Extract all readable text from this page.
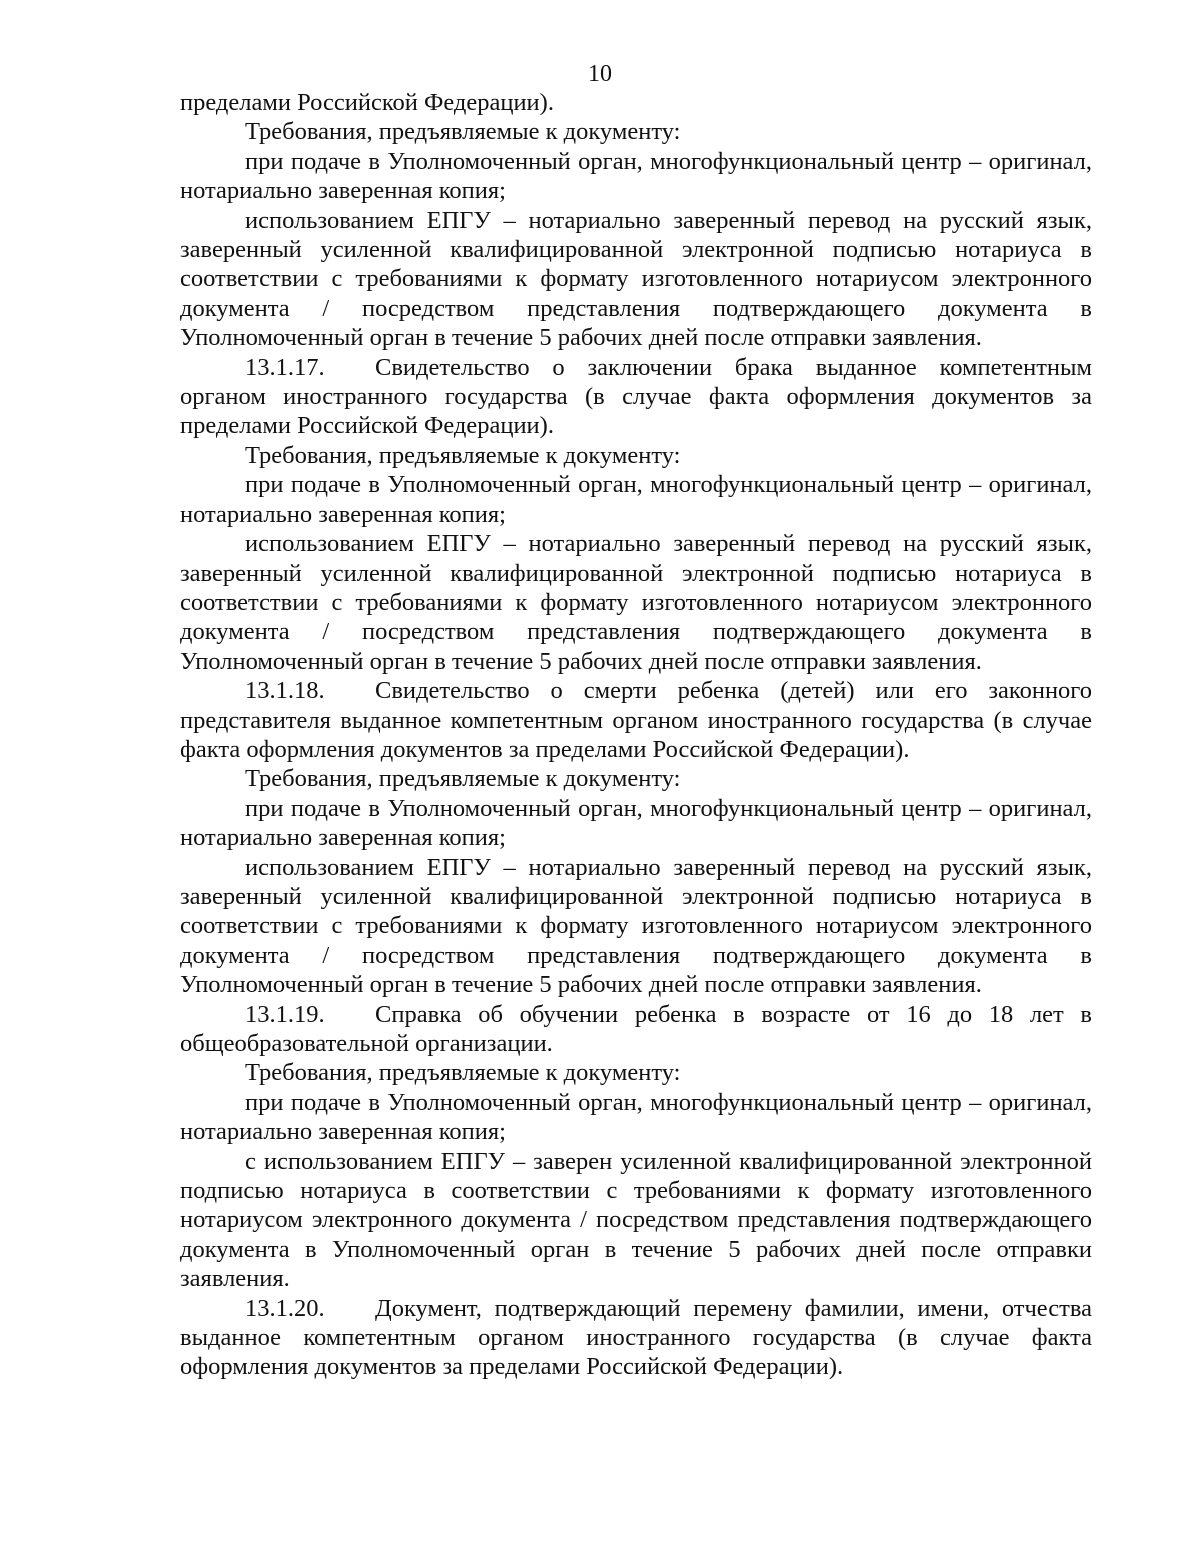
10

пределами Российской Федерации).

Требования, предъявляемые к документу:

при подаче в Уполномоченный орган, многофункциональный центр – оригинал, нотариально заверенная копия;

использованием ЕПГУ – нотариально заверенный перевод на русский язык, заверенный усиленной квалифицированной электронной подписью нотариуса в соответствии с требованиями к формату изготовленного нотариусом электронного документа / посредством представления подтверждающего документа в Уполномоченный орган в течение 5 рабочих дней после отправки заявления.

13.1.17. Свидетельство о заключении брака выданное компетентным органом иностранного государства (в случае факта оформления документов за пределами Российской Федерации).

Требования, предъявляемые к документу:

при подаче в Уполномоченный орган, многофункциональный центр – оригинал, нотариально заверенная копия;

использованием ЕПГУ – нотариально заверенный перевод на русский язык, заверенный усиленной квалифицированной электронной подписью нотариуса в соответствии с требованиями к формату изготовленного нотариусом электронного документа / посредством представления подтверждающего документа в Уполномоченный орган в течение 5 рабочих дней после отправки заявления.

13.1.18. Свидетельство о смерти ребенка (детей) или его законного представителя выданное компетентным органом иностранного государства (в случае факта оформления документов за пределами Российской Федерации).

Требования, предъявляемые к документу:

при подаче в Уполномоченный орган, многофункциональный центр – оригинал, нотариально заверенная копия;

использованием ЕПГУ – нотариально заверенный перевод на русский язык, заверенный усиленной квалифицированной электронной подписью нотариуса в соответствии с требованиями к формату изготовленного нотариусом электронного документа / посредством представления подтверждающего документа в Уполномоченный орган в течение 5 рабочих дней после отправки заявления.

13.1.19. Справка об обучении ребенка в возрасте от 16 до 18 лет в общеобразовательной организации.

Требования, предъявляемые к документу:

при подаче в Уполномоченный орган, многофункциональный центр – оригинал, нотариально заверенная копия;

с использованием ЕПГУ – заверен усиленной квалифицированной электронной подписью нотариуса в соответствии с требованиями к формату изготовленного нотариусом электронного документа / посредством представления подтверждающего документа в Уполномоченный орган в течение 5 рабочих дней после отправки заявления.

13.1.20. Документ, подтверждающий перемену фамилии, имени, отчества выданное компетентным органом иностранного государства (в случае факта оформления документов за пределами Российской Федерации).
